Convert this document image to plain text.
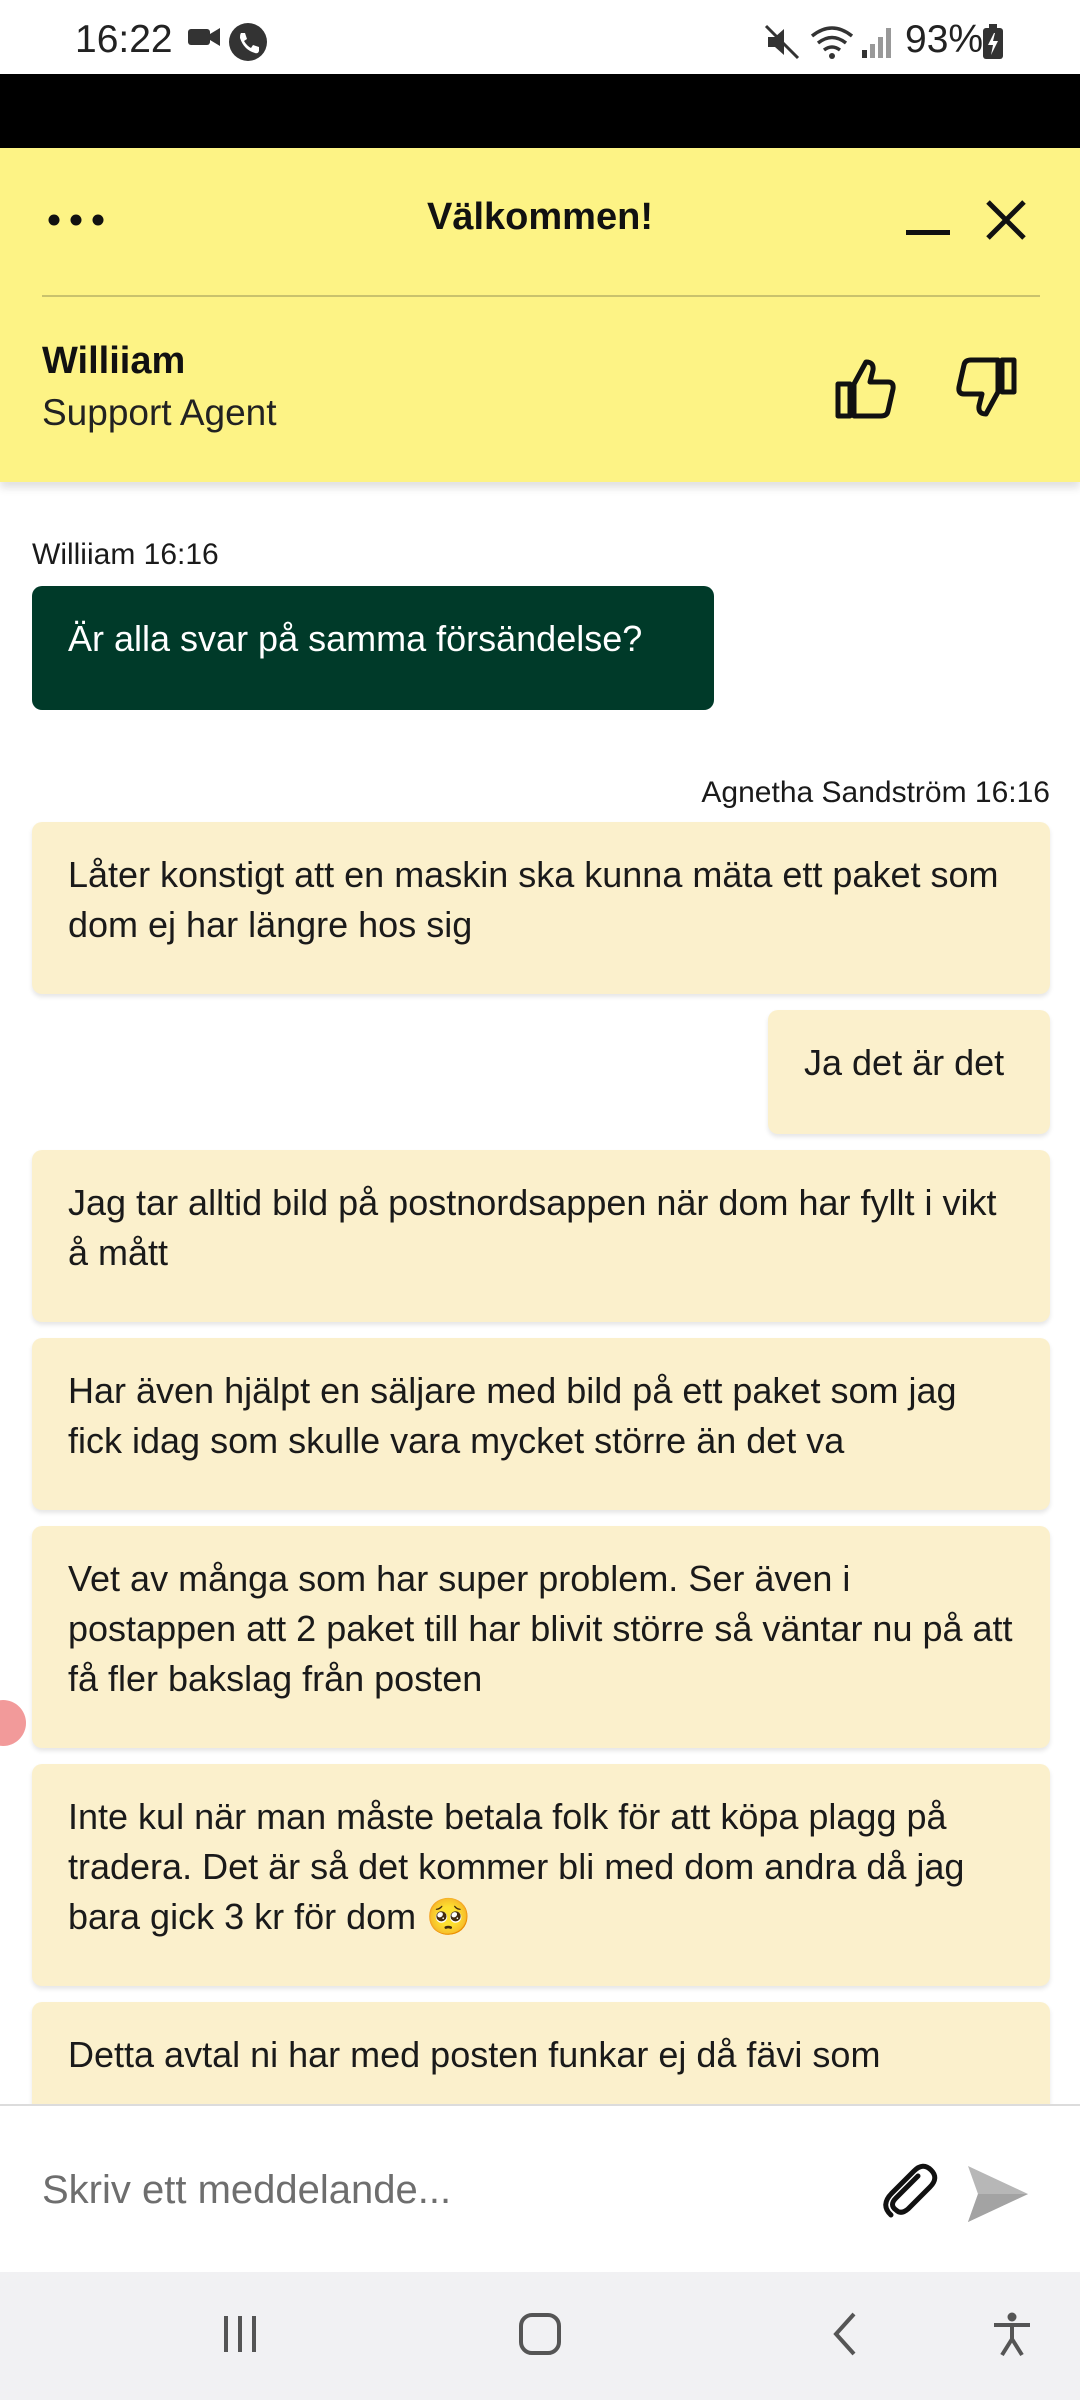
16:22	93%
Välkommen!
Williiam
Support Agent
Williiam 16:16
Är alla svar på samma försändelse?
Agnetha Sandström 16:16
Låter konstigt att en maskin ska kunna mäta ett paket som dom ej har längre hos sig
Ja det är det
Jag tar alltid bild på postnordsappen när dom har fyllt i vikt å mått
Har även hjälpt en säljare med bild på ett paket som jag fick idag som skulle vara mycket större än det va
Vet av många som har super problem. Ser även i postappen att 2 paket till har blivit större så väntar nu på att få fler bakslag från posten
Inte kul när man måste betala folk för att köpa plagg på tradera. Det är så det kommer bli med dom andra då jag bara gick 3 kr för dom 🥺
Detta avtal ni har med posten funkar ej då fävi som
Skriv ett meddelande...
